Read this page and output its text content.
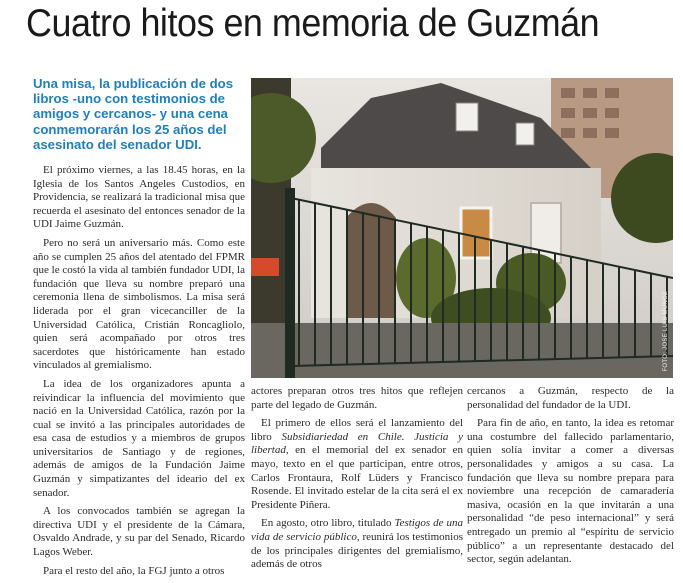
Cuatro hitos en memoria de Guzmán

Una misa, la publicación de dos libros -uno con testimonios de amigos y cercanos- y una cena conmemorarán los 25 años del asesinato del senador UDI.

FOTO: JOSÉ LUIS MUÑOZ

El próximo viernes, a las 18.45 horas, en la Iglesia de los Santos Angeles Custodios, en Providencia, se realizará la tradicional misa que recuerda el asesinato del entonces senador de la UDI Jaime Guzmán.

Pero no será un aniversario más. Como este año se cumplen 25 años del atentado del FPMR que le costó la vida al también fundador UDI, la fundación que lleva su nombre preparó una ceremonia llena de simbolismos. La misa será liderada por el gran vicecanciller de la Universidad Católica, Cristián Roncagliolo, quien será acompañado por otros tres sacerdotes que históricamente han estado vinculados al gremialismo.

La idea de los organizadores apunta a reivindicar la influencia del movimiento que nació en la Universidad Católica, razón por la cual se invitó a las principales autoridades de esa casa de estudios y a miembros de grupos universitarios de Santiago y de regiones, además de amigos de la Fundación Jaime Guzmán y simpatizantes del ideario del ex senador.

A los convocados también se agregan la directiva UDI y el presidente de la Cámara, Osvaldo Andrade, y su par del Senado, Ricardo Lagos Weber.

Para el resto del año, la FGJ junto a otros

actores preparan otros tres hitos que reflejen parte del legado de Guzmán.

El primero de ellos será el lanzamiento del libro Subsidiariedad en Chile. Justicia y libertad, en el memorial del ex senador en mayo, texto en el que participan, entre otros, Carlos Frontaura, Rolf Lüders y Francisco Rosende. El invitado estelar de la cita será el ex Presidente Piñera.

En agosto, otro libro, titulado Testigos de una vida de servicio público, reunirá los testimonios de los principales dirigentes del gremialismo, además de otros

cercanos a Guzmán, respecto de la personalidad del fundador de la UDI.

Para fin de año, en tanto, la idea es retomar una costumbre del fallecido parlamentario, quien solía invitar a comer a diversas personalidades y amigos a su casa. La fundación que lleva su nombre prepara para noviembre una recepción de camaradería masiva, ocasión en la que invitarán a una personalidad “de peso internacional” y será entregado un premio al “espíritu de servicio público” a un representante destacado del sector, según adelantan.
